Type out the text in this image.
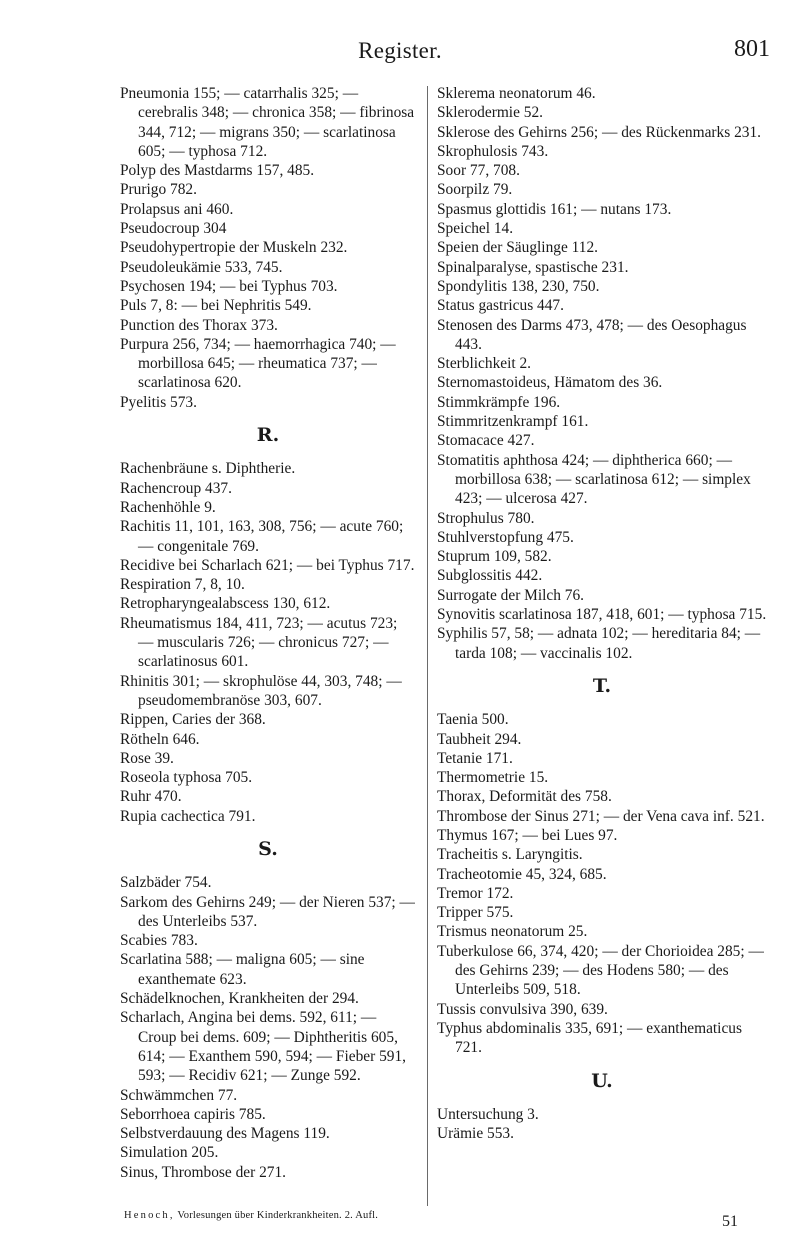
Register.	801
Pneumonia 155; — catarrhalis 325; — cerebralis 348; — chronica 358; — fibrinosa 344, 712; — migrans 350; — scarlatinosa 605; — typhosa 712.
Polyp des Mastdarms 157, 485.
Prurigo 782.
Prolapsus ani 460.
Pseudocroup 304
Pseudohypertropie der Muskeln 232.
Pseudoleukämie 533, 745.
Psychosen 194; — bei Typhus 703.
Puls 7, 8: — bei Nephritis 549.
Punction des Thorax 373.
Purpura 256, 734; — haemorrhagica 740; — morbillosa 645; — rheumatica 737; — scarlatinosa 620.
Pyelitis 573.
R.
Rachenbräune s. Diphtherie.
Rachencroup 437.
Rachenhöhle 9.
Rachitis 11, 101, 163, 308, 756; — acute 760; — congenitale 769.
Recidive bei Scharlach 621; — bei Typhus 717.
Respiration 7, 8, 10.
Retropharyngealabscess 130, 612.
Rheumatismus 184, 411, 723; — acutus 723; — muscularis 726; — chronicus 727; — scarlatinosus 601.
Rhinitis 301; — skrophulöse 44, 303, 748; — pseudomembranöse 303, 607.
Rippen, Caries der 368.
Rötheln 646.
Rose 39.
Roseola typhosa 705.
Ruhr 470.
Rupia cachectica 791.
S.
Salzbäder 754.
Sarkom des Gehirns 249; — der Nieren 537; — des Unterleibs 537.
Scabies 783.
Scarlatina 588; — maligna 605; — sine exanthemate 623.
Schädelknochen, Krankheiten der 294.
Scharlach, Angina bei dems. 592, 611; — Croup bei dems. 609; — Diphtheritis 605, 614; — Exanthem 590, 594; — Fieber 591, 593; — Recidiv 621; — Zunge 592.
Schwämmchen 77.
Seborrhoea capiris 785.
Selbstverdauung des Magens 119.
Simulation 205.
Sinus, Thrombose der 271.
Sklerema neonatorum 46.
Sklerodermie 52.
Sklerose des Gehirns 256; — des Rückenmarks 231.
Skrophulosis 743.
Soor 77, 708.
Soorpilz 79.
Spasmus glottidis 161; — nutans 173.
Speichel 14.
Speien der Säuglinge 112.
Spinalparalyse, spastische 231.
Spondylitis 138, 230, 750.
Status gastricus 447.
Stenosen des Darms 473, 478; — des Oesophagus 443.
Sterblichkeit 2.
Sternomastoideus, Hämatom des 36.
Stimmkrämpfe 196.
Stimmritzenkrampf 161.
Stomacace 427.
Stomatitis aphthosa 424; — diphtherica 660; — morbillosa 638; — scarlatinosa 612; — simplex 423; — ulcerosa 427.
Strophulus 780.
Stuhlverstopfung 475.
Stuprum 109, 582.
Subglossitis 442.
Surrogate der Milch 76.
Synovitis scarlatinosa 187, 418, 601; — typhosa 715.
Syphilis 57, 58; — adnata 102; — hereditaria 84; — tarda 108; — vaccinalis 102.
T.
Taenia 500.
Taubheit 294.
Tetanie 171.
Thermometrie 15.
Thorax, Deformität des 758.
Thrombose der Sinus 271; — der Vena cava inf. 521.
Thymus 167; — bei Lues 97.
Tracheitis s. Laryngitis.
Tracheotomie 45, 324, 685.
Tremor 172.
Tripper 575.
Trismus neonatorum 25.
Tuberkulose 66, 374, 420; — der Chorioidea 285; — des Gehirns 239; — des Hodens 580; — des Unterleibs 509, 518.
Tussis convulsiva 390, 639.
Typhus abdominalis 335, 691; — exanthematicus 721.
U.
Untersuchung 3.
Urämie 553.
Henoch, Vorlesungen über Kinderkrankheiten. 2. Aufl.	51
